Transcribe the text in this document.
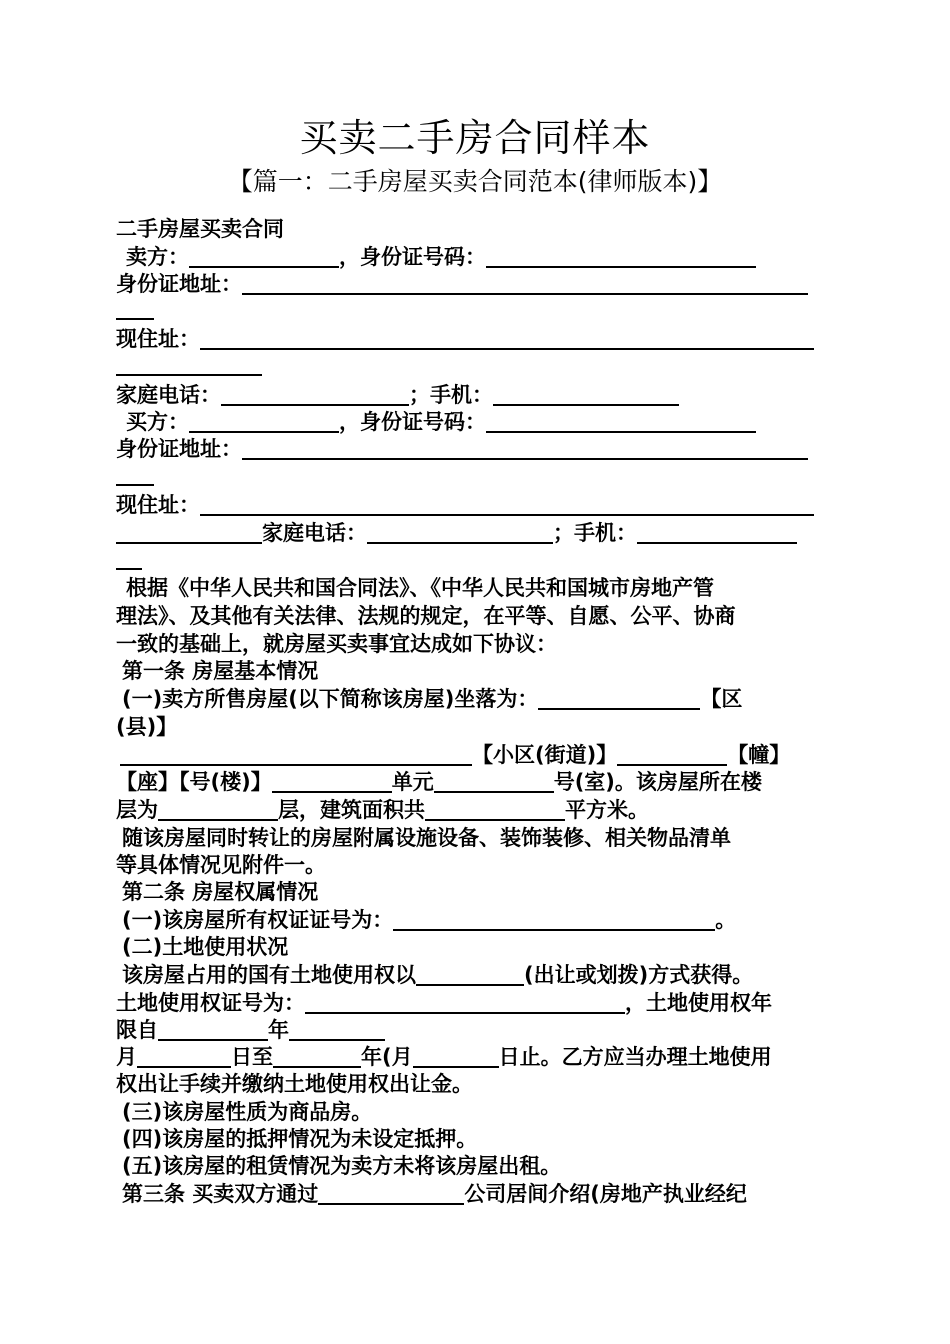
买卖二手房合同样本
【篇一：二手房屋买卖合同范本(律师版本)】
二手房屋买卖合同
卖方：	，身份证号码：
身份证地址：
现住址：
家庭电话：	；手机：
买方：	，身份证号码：
身份证地址：
现住址：
家庭电话：	；手机：
根据《中华人民共和国合同法》、《中华人民共和国城市房地产管
理法》、及其他有关法律、法规的规定，在平等、自愿、公平、协商
一致的基础上，就房屋买卖事宜达成如下协议：
第一条 房屋基本情况
(一)卖方所售房屋(以下简称该房屋)坐落为：	【区
(县)】
【小区(街道)】	【幢】
【座】【号(楼)】	单元	号(室)。该房屋所在楼
层为	层，建筑面积共	平方米。
随该房屋同时转让的房屋附属设施设备、装饰装修、相关物品清单
等具体情况见附件一。
第二条 房屋权属情况
(一)该房屋所有权证证号为：	。
(二)土地使用状况
该房屋占用的国有土地使用权以	(出让或划拨)方式获得。
土地使用权证号为：	，土地使用权年
限自	年
月	日至	年(月	日止。乙方应当办理土地使用
权出让手续并缴纳土地使用权出让金。
(三)该房屋性质为商品房。
(四)该房屋的抵押情况为未设定抵押。
(五)该房屋的租赁情况为卖方未将该房屋出租。
第三条 买卖双方通过	公司居间介绍(房地产执业经纪
